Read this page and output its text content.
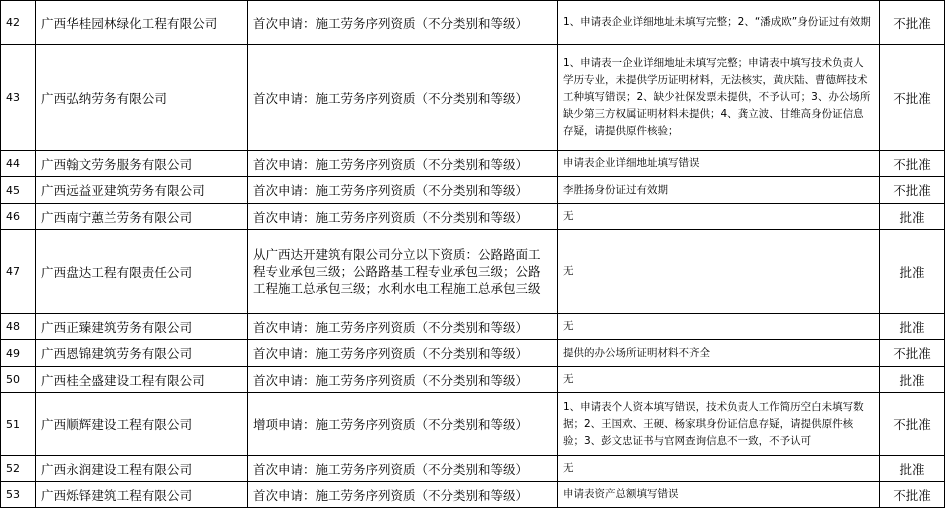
42	广西华桂园林绿化工程有限公司	首次申请：施工劳务序列资质（不分类别和等级）	1、申请表企业详细地址未填写完整；2、“潘成欧”身份证过有效期	不批准
43	广西弘纳劳务有限公司	首次申请：施工劳务序列资质（不分类别和等级）	1、申请表一企业详细地址未填写完整；申请表中填写技术负责人学历专业，未提供学历证明材料，无法核实，黄庆陆、曹德辉技术工种填写错误；2、缺少社保发票未提供，不予认可；3、办公场所缺少第三方权属证明材料未提供；4、龚立波、甘维高身份证信息存疑，请提供原件核验；	不批准
44	广西翰文劳务服务有限公司	首次申请：施工劳务序列资质（不分类别和等级）	申请表企业详细地址填写错误	不批准
45	广西远益亚建筑劳务有限公司	首次申请：施工劳务序列资质（不分类别和等级）	李胜扬身份证过有效期	不批准
46	广西南宁蕙兰劳务有限公司	首次申请：施工劳务序列资质（不分类别和等级）	无	批准
47	广西盘达工程有限责任公司	从广西达开建筑有限公司分立以下资质：公路路面工程专业承包三级；公路路基工程专业承包三级；公路工程施工总承包三级；水利水电工程施工总承包三级	无	批准
48	广西正臻建筑劳务有限公司	首次申请：施工劳务序列资质（不分类别和等级）	无	批准
49	广西恩锦建筑劳务有限公司	首次申请：施工劳务序列资质（不分类别和等级）	提供的办公场所证明材料不齐全	不批准
50	广西桂全盛建设工程有限公司	首次申请：施工劳务序列资质（不分类别和等级）	无	批准
51	广西顺辉建设工程有限公司	增项申请：施工劳务序列资质（不分类别和等级）	1、申请表个人资本填写错误，技术负责人工作简历空白未填写数据；2、王国欢、王硬、杨家琪身份证信息存疑，请提供原件核验；3、彭文忠证书与官网查询信息不一致，不予认可	不批准
52	广西永润建设工程有限公司	首次申请：施工劳务序列资质（不分类别和等级）	无	批准
53	广西烁铎建筑工程有限公司	首次申请：施工劳务序列资质（不分类别和等级）	申请表资产总额填写错误	不批准
